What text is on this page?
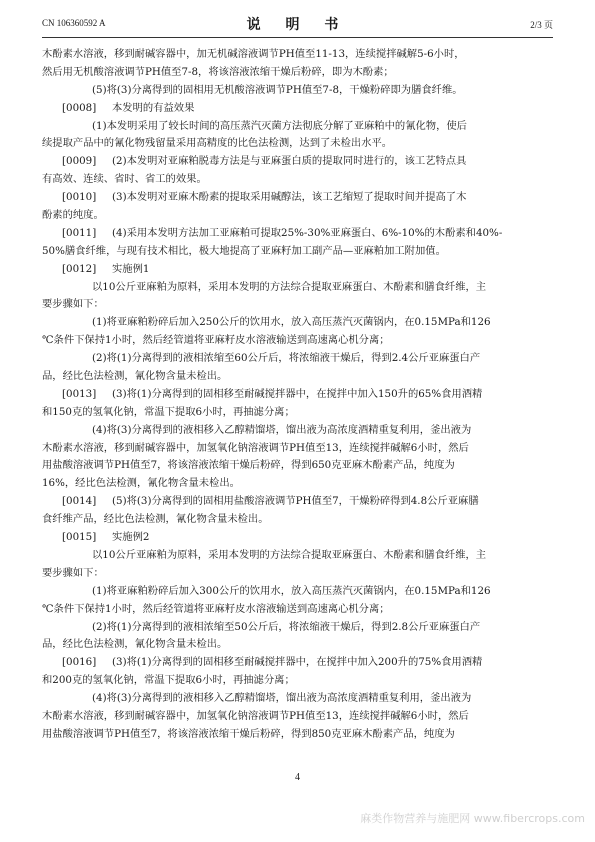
CN 106360592 A	说 明 书	2/3 页
木酚素水溶液，移到耐碱容器中，加无机碱溶液调节PH值至11-13，连续搅拌碱解5-6小时，
然后用无机酸溶液调节PH值至7-8，将该溶液浓缩干燥后粉碎，即为木酚素；
(5)将(3)分离得到的固相用无机酸溶液调节PH值至7-8，干燥粉碎即为膳食纤维。
[0008] 本发明的有益效果
(1)本发明采用了较长时间的高压蒸汽灭菌方法彻底分解了亚麻粕中的氰化物，使后
续提取产品中的氰化物残留量采用高精度的比色法检测，达到了未检出水平。
[0009] (2)本发明对亚麻粕脱毒方法是与亚麻蛋白质的提取同时进行的，该工艺特点具
有高效、连续、省时、省工的效果。
[0010] (3)本发明对亚麻木酚素的提取采用碱醇法，该工艺缩短了提取时间并提高了木
酚素的纯度。
[0011] (4)采用本发明方法加工亚麻粕可提取25%-30%亚麻蛋白、6%-10%的木酚素和40%-
50%膳食纤维，与现有技术相比，极大地提高了亚麻籽加工副产品—亚麻粕加工附加值。
[0012] 实施例1
以10公斤亚麻粕为原料，采用本发明的方法综合提取亚麻蛋白、木酚素和膳食纤维，主
要步骤如下：
(1)将亚麻粕粉碎后加入250公斤的饮用水，放入高压蒸汽灭菌锅内，在0.15MPa和126
℃条件下保持1小时，然后经管道将亚麻籽皮水溶液输送到高速离心机分离；
(2)将(1)分离得到的液相浓缩至60公斤后，将浓缩液干燥后，得到2.4公斤亚麻蛋白产
品，经比色法检测，氰化物含量未检出。
[0013] (3)将(1)分离得到的固相移至耐碱搅拌器中，在搅拌中加入150升的65%食用酒精
和150克的氢氧化钠，常温下提取6小时，再抽滤分离；
(4)将(3)分离得到的液相移入乙醇精馏塔，馏出液为高浓度酒精重复利用，釜出液为
木酚素水溶液，移到耐碱容器中，加氢氧化钠溶液调节PH值至13，连续搅拌碱解6小时，然后
用盐酸溶液调节PH值至7，将该溶液浓缩干燥后粉碎，得到650克亚麻木酚素产品，纯度为
16%，经比色法检测，氰化物含量未检出。
[0014] (5)将(3)分离得到的固相用盐酸溶液调节PH值至7，干燥粉碎得到4.8公斤亚麻膳
食纤维产品，经比色法检测，氰化物含量未检出。
[0015] 实施例2
以10公斤亚麻粕为原料，采用本发明的方法综合提取亚麻蛋白、木酚素和膳食纤维，主
要步骤如下：
(1)将亚麻粕粉碎后加入300公斤的饮用水，放入高压蒸汽灭菌锅内，在0.15MPa和126
℃条件下保持1小时，然后经管道将亚麻籽皮水溶液输送到高速离心机分离；
(2)将(1)分离得到的液相浓缩至50公斤后，将浓缩液干燥后，得到2.8公斤亚麻蛋白产
品，经比色法检测，氰化物含量未检出。
[0016] (3)将(1)分离得到的固相移至耐碱搅拌器中，在搅拌中加入200升的75%食用酒精
和200克的氢氧化钠，常温下提取6小时，再抽滤分离；
(4)将(3)分离得到的液相移入乙醇精馏塔，馏出液为高浓度酒精重复利用，釜出液为
木酚素水溶液，移到耐碱容器中，加氢氧化钠溶液调节PH值至13，连续搅拌碱解6小时，然后
用盐酸溶液调节PH值至7，将该溶液浓缩干燥后粉碎，得到850克亚麻木酚素产品，纯度为
4
麻类作物营养与施肥网 www.fibercrops.com
